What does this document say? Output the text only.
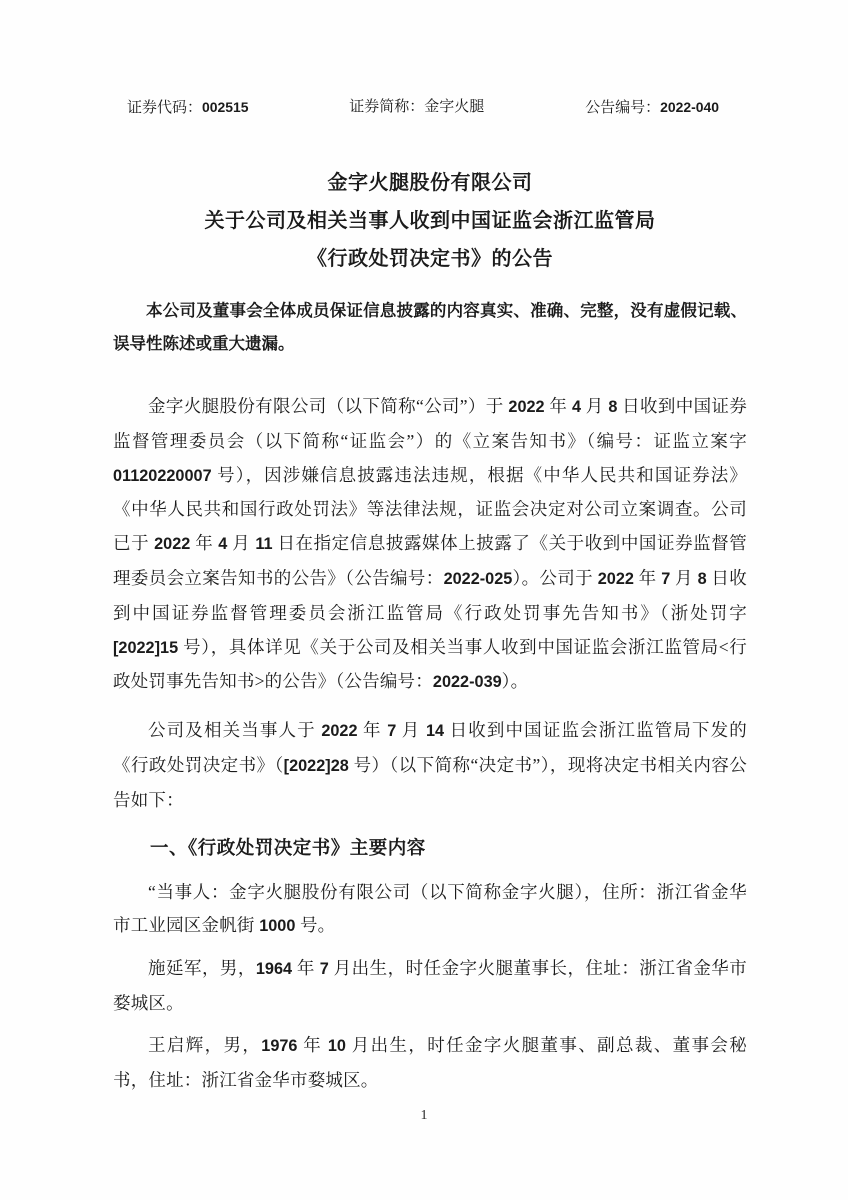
证券代码：002515	证券简称：金字火腿	公告编号：2022-040
金字火腿股份有限公司
关于公司及相关当事人收到中国证监会浙江监管局
《行政处罚决定书》的公告

本公司及董事会全体成员保证信息披露的内容真实、准确、完整，没有虚假记载、误导性陈述或重大遗漏。

金字火腿股份有限公司（以下简称“公司”）于 2022 年 4 月 8 日收到中国证券监督管理委员会（以下简称“证监会”）的《立案告知书》（编号：证监立案字01120220007 号），因涉嫌信息披露违法违规，根据《中华人民共和国证券法》《中华人民共和国行政处罚法》等法律法规，证监会决定对公司立案调查。公司已于 2022 年 4 月 11 日在指定信息披露媒体上披露了《关于收到中国证券监督管理委员会立案告知书的公告》（公告编号：2022-025）。公司于 2022 年 7 月 8 日收到中国证券监督管理委员会浙江监管局《行政处罚事先告知书》（浙处罚字[2022]15 号），具体详见《关于公司及相关当事人收到中国证监会浙江监管局<行政处罚事先告知书>的公告》（公告编号：2022-039）。

公司及相关当事人于 2022 年 7 月 14 日收到中国证监会浙江监管局下发的《行政处罚决定书》（[2022]28 号）（以下简称“决定书”），现将决定书相关内容公告如下：

一、《行政处罚决定书》主要内容

“当事人：金字火腿股份有限公司（以下简称金字火腿），住所：浙江省金华市工业园区金帆街 1000 号。

施延军，男，1964 年 7 月出生，时任金字火腿董事长，住址：浙江省金华市婺城区。

王启辉，男，1976 年 10 月出生，时任金字火腿董事、副总裁、董事会秘书，住址：浙江省金华市婺城区。

1
